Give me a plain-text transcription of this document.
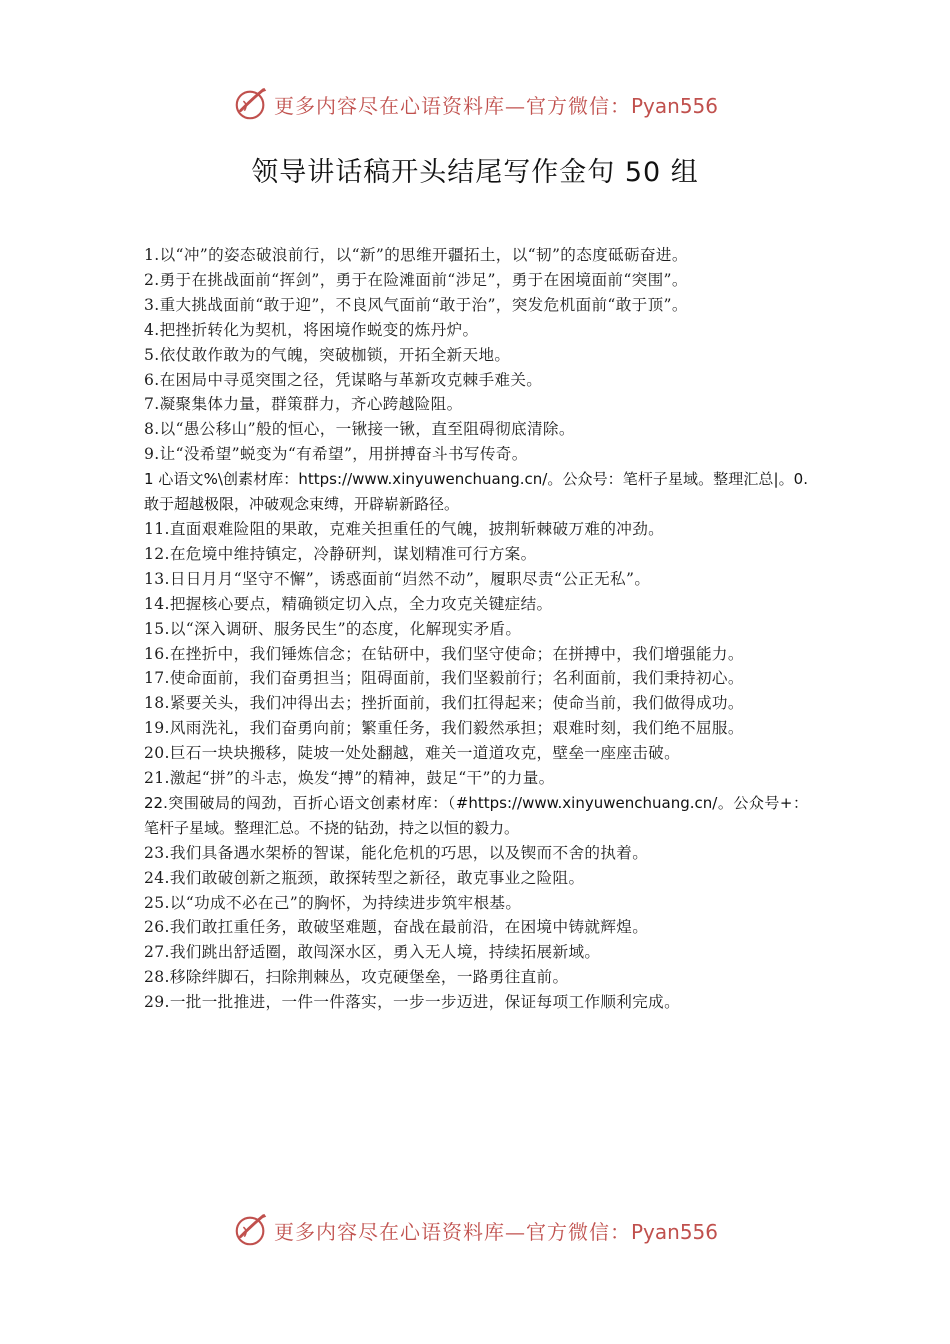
更多内容尽在心语资料库—官方微信：Pyan556
领导讲话稿开头结尾写作金句 50 组

1.以“冲”的姿态破浪前行，以“新”的思维开疆拓土，以“韧”的态度砥砺奋进。

2.勇于在挑战面前“挥剑”，勇于在险滩面前“涉足”，勇于在困境面前“突围”。

3.重大挑战面前“敢于迎”，不良风气面前“敢于治”，突发危机面前“敢于顶”。

4.把挫折转化为契机，将困境作蜕变的炼丹炉。

5.依仗敢作敢为的气魄，突破枷锁，开拓全新天地。

6.在困局中寻觅突围之径，凭谋略与革新攻克棘手难关。

7.凝聚集体力量，群策群力，齐心跨越险阻。

8.以“愚公移山”般的恒心，一锹接一锹，直至阻碍彻底清除。

9.让“没希望”蜕变为“有希望”，用拼搏奋斗书写传奇。

1 心语文%\创素材库：https://www.xinyuwenchuang.cn/。公众号：笔杆子星域。整理汇总|。0.敢于超越极限，冲破观念束缚，开辟崭新路径。

11.直面艰难险阻的果敢，克难关担重任的气魄，披荆斩棘破万难的冲劲。

12.在危境中维持镇定，冷静研判，谋划精准可行方案。

13.日日月月“坚守不懈”，诱惑面前“岿然不动”，履职尽责“公正无私”。

14.把握核心要点，精确锁定切入点，全力攻克关键症结。

15.以“深入调研、服务民生”的态度，化解现实矛盾。

16.在挫折中，我们锤炼信念；在钻研中，我们坚守使命；在拼搏中，我们增强能力。

17.使命面前，我们奋勇担当；阻碍面前，我们坚毅前行；名利面前，我们秉持初心。

18.紧要关头，我们冲得出去；挫折面前，我们扛得起来；使命当前，我们做得成功。

19.风雨洗礼，我们奋勇向前；繁重任务，我们毅然承担；艰难时刻，我们绝不屈服。

20.巨石一块块搬移，陡坡一处处翻越，难关一道道攻克，壁垒一座座击破。

21.激起“拼”的斗志，焕发“搏”的精神，鼓足“干”的力量。

22.突围破局的闯劲，百折心语文创素材库：（#https://www.xinyuwenchuang.cn/。公众号+：笔杆子星域。整理汇总。不挠的钻劲，持之以恒的毅力。

23.我们具备遇水架桥的智谋，能化危机的巧思，以及锲而不舍的执着。

24.我们敢破创新之瓶颈，敢探转型之新径，敢克事业之险阻。

25.以“功成不必在己”的胸怀，为持续进步筑牢根基。

26.我们敢扛重任务，敢破坚难题，奋战在最前沿，在困境中铸就辉煌。

27.我们跳出舒适圈，敢闯深水区，勇入无人境，持续拓展新域。

28.移除绊脚石，扫除荆棘丛，攻克硬堡垒，一路勇往直前。

29.一批一批推进，一件一件落实，一步一步迈进，保证每项工作顺利完成。

更多内容尽在心语资料库—官方微信：Pyan556
